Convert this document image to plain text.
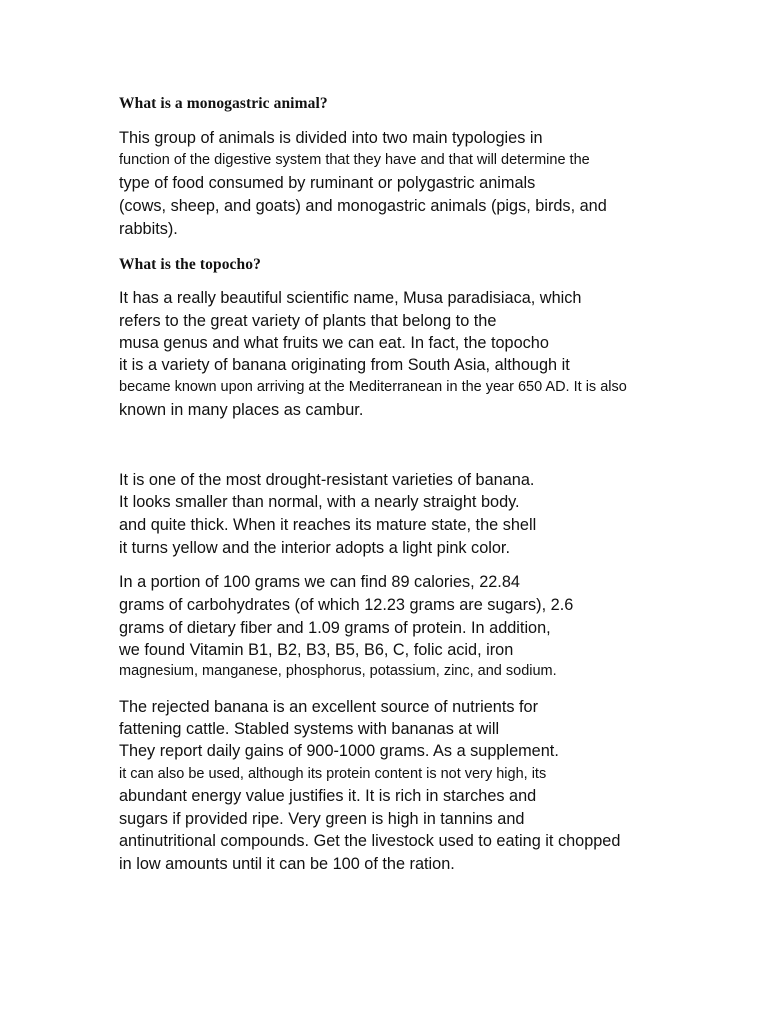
What is a monogastric animal?
This group of animals is divided into two main typologies in
function of the digestive system that they have and that will determine the
type of food consumed by ruminant or polygastric animals
(cows, sheep, and goats) and monogastric animals (pigs, birds, and
rabbits).
What is the topocho?
It has a really beautiful scientific name, Musa paradisiaca, which
refers to the great variety of plants that belong to the
musa genus and what fruits we can eat. In fact, the topocho
it is a variety of banana originating from South Asia, although it
became known upon arriving at the Mediterranean in the year 650 AD. It is also
known in many places as cambur.
It is one of the most drought-resistant varieties of banana.
It looks smaller than normal, with a nearly straight body.
and quite thick. When it reaches its mature state, the shell
it turns yellow and the interior adopts a light pink color.
In a portion of 100 grams we can find 89 calories, 22.84
grams of carbohydrates (of which 12.23 grams are sugars), 2.6
grams of dietary fiber and 1.09 grams of protein. In addition,
we found Vitamin B1, B2, B3, B5, B6, C, folic acid, iron
magnesium, manganese, phosphorus, potassium, zinc, and sodium.
The rejected banana is an excellent source of nutrients for
fattening cattle. Stabled systems with bananas at will
They report daily gains of 900-1000 grams. As a supplement.
it can also be used, although its protein content is not very high, its
abundant energy value justifies it. It is rich in starches and
sugars if provided ripe. Very green is high in tannins and
antinutritional compounds. Get the livestock used to eating it chopped
in low amounts until it can be 100 of the ration.
